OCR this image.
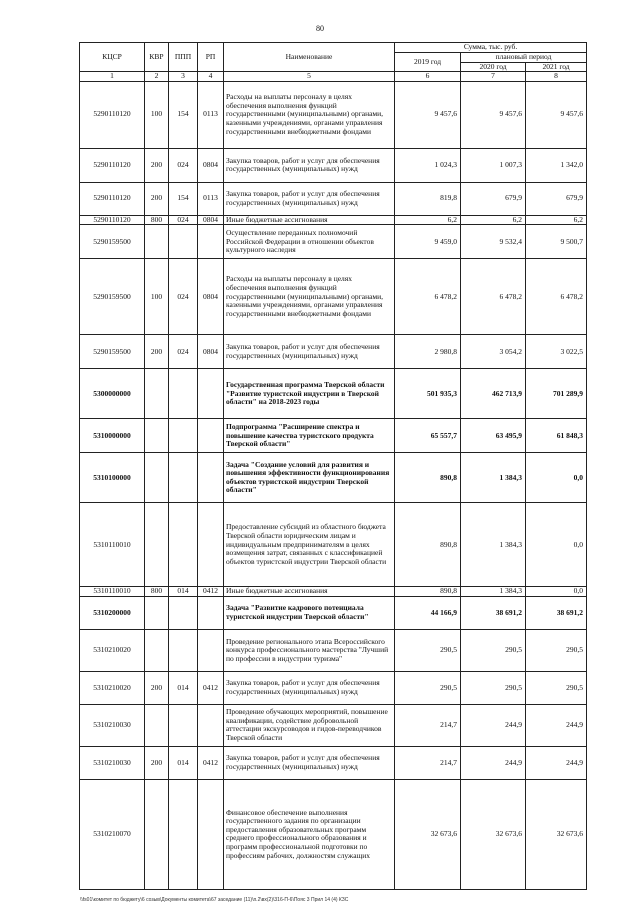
80
КЦСР	КВР	ППП	РП	Наименование	Сумма, тыс. руб.		
					2019 год	плановый период	
						2020 год	2021 год
1	2	3	4	5	6	7	8
5290110120	100	154	0113	Расходы на выплаты персоналу в целях обеспечения выполнения функций государственными (муниципальными) органами, казенными учреждениями, органами управления государственными внебюджетными фондами	9 457,6	9 457,6	9 457,6
5290110120	200	024	0804	Закупка товаров, работ и услуг для обеспечения государственных (муниципальных) нужд	1 024,3	1 007,3	1 342,0
5290110120	200	154	0113	Закупка товаров, работ и услуг для обеспечения государственных (муниципальных) нужд	819,8	679,9	679,9
5290110120	800	024	0804	Иные бюджетные ассигнования	6,2	6,2	6,2
5290159500				Осуществление переданных полномочий Российской Федерации в отношении объектов культурного наследия	9 459,0	9 532,4	9 500,7
5290159500	100	024	0804	Расходы на выплаты персоналу в целях обеспечения выполнения функций государственными (муниципальными) органами, казенными учреждениями, органами управления государственными внебюджетными фондами	6 478,2	6 478,2	6 478,2
5290159500	200	024	0804	Закупка товаров, работ и услуг для обеспечения государственных (муниципальных) нужд	2 980,8	3 054,2	3 022,5
5300000000				Государственная программа Тверской области "Развитие туристской индустрии в Тверской области" на 2018-2023 годы	501 935,3	462 713,9	701 289,9
5310000000				Подпрограмма "Расширение спектра и повышение качества туристского продукта Тверской области"	65 557,7	63 495,9	61 848,3
5310100000				Задача "Создание условий для развития и повышения эффективности функционирования объектов туристской индустрии Тверской области"	890,8	1 384,3	0,0
5310110010				Предоставление субсидий из областного бюджета Тверской области юридическим лицам и индивидуальным предпринимателям в целях возмещения затрат, связанных с классификацией объектов туристской индустрии Тверской области	890,8	1 384,3	0,0
5310110010	800	014	0412	Иные бюджетные ассигнования	890,8	1 384,3	0,0
5310200000				Задача "Развитие кадрового потенциала туристской индустрии Тверской области"	44 166,9	38 691,2	38 691,2
5310210020				Проведение регионального этапа Всероссийского конкурса профессионального мастерства "Лучший по профессии в индустрии туризма"	290,5	290,5	290,5
5310210020	200	014	0412	Закупка товаров, работ и услуг для обеспечения государственных (муниципальных) нужд	290,5	290,5	290,5
5310210030				Проведение обучающих мероприятий, повышение квалификации, содействие добровольной аттестации экскурсоводов и гидов-переводчиков Тверской области	214,7	244,9	244,9
5310210030	200	014	0412	Закупка товаров, работ и услуг для обеспечения государственных (муниципальных) нужд	214,7	244,9	244,9
5310210070				Финансовое обеспечение выполнения государственного задания по организации предоставления образовательных программ среднего профессионального образования и программ профессиональной подготовки по профессиям рабочих, должностям служащих	32 673,6	32 673,6	32 673,6
\\fs01\комитет по бюджету\6 созыв\Документы комитета\67 заседание (11)\п.2\вх(2)\316-П-6\Пояс 3 Прил 14 (4) КЗС
